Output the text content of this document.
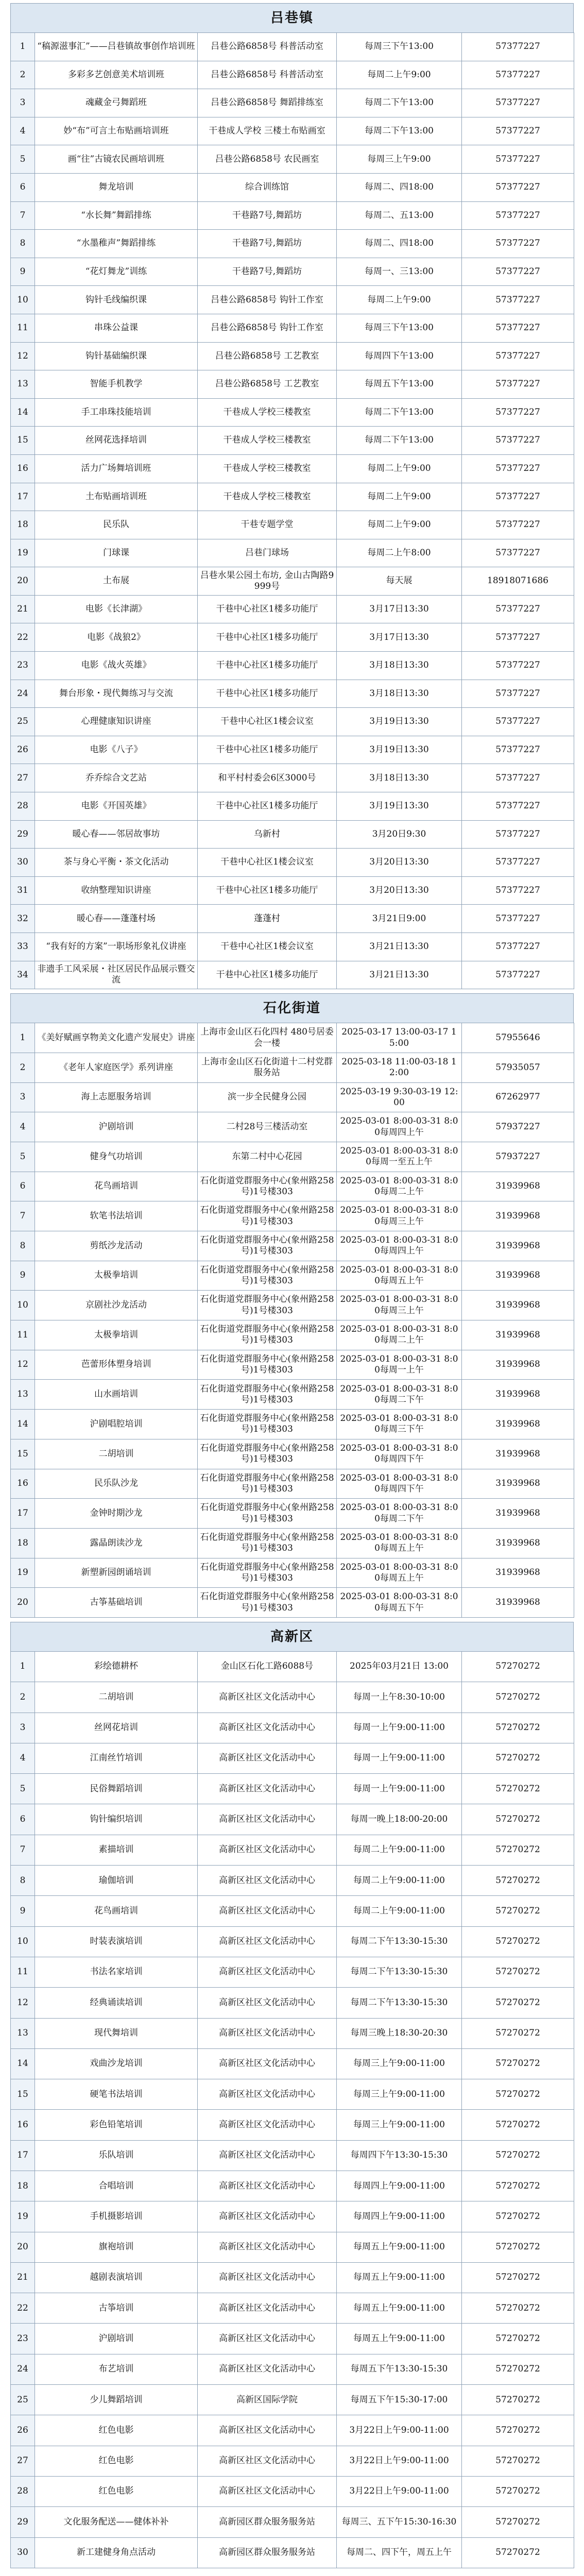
吕巷镇
1	“稿源滋事汇”——吕巷镇故事创作培训班	吕巷公路6858号 科普活动室	每周三下午13:00	57377227
2	多彩多艺创意美术培训班	吕巷公路6858号 科普活动室	每周二上午9:00	57377227
3	魂藏金弓舞蹈班	吕巷公路6858号 舞蹈排练室	每周二下午13:00	57377227
4	妙“布”可言土布贴画培训班	干巷成人学校 三楼土布贴画室	每周二下午13:00	57377227
5	画“往”古镜农民画培训班	吕巷公路6858号 农民画室	每周三上午9:00	57377227
6	舞龙培训	综合训练馆	每周二、四18:00	57377227
7	“水长舞”舞蹈排练	干巷路7号,舞蹈坊	每周二、五13:00	57377227
8	“水墨稚声”舞蹈排练	干巷路7号,舞蹈坊	每周二、四18:00	57377227
9	“花灯舞龙”训练	干巷路7号,舞蹈坊	每周一、三13:00	57377227
10	钩针毛线编织课	吕巷公路6858号 钩针工作室	每周二上午9:00	57377227
11	串珠公益课	吕巷公路6858号 钩针工作室	每周三下午13:00	57377227
12	钩针基础编织课	吕巷公路6858号 工艺教室	每周四下午13:00	57377227
13	智能手机教学	吕巷公路6858号 工艺教室	每周五下午13:00	57377227
14	手工串珠技能培训	干巷成人学校三楼教室	每周二下午13:00	57377227
15	丝网花选择培训	干巷成人学校三楼教室	每周二下午13:00	57377227
16	活力广场舞培训班	干巷成人学校三楼教室	每周二上午9:00	57377227
17	土布贴画培训班	干巷成人学校三楼教室	每周二上午9:00	57377227
18	民乐队	干巷专题学堂	每周二上午9:00	57377227
19	门球课	吕巷门球场	每周二上午8:00	57377227
20	土布展	吕巷水果公园土布坊, 金山古陶路9999号	每天展	18918071686
21	电影《长津湖》	干巷中心社区1楼多功能厅	3月17日13:30	57377227
22	电影《战狼2》	干巷中心社区1楼多功能厅	3月17日13:30	57377227
23	电影《战火英雄》	干巷中心社区1楼多功能厅	3月18日13:30	57377227
24	舞台形象・现代舞练习与交流	干巷中心社区1楼多功能厅	3月18日13:30	57377227
25	心理健康知识讲座	干巷中心社区1楼会议室	3月19日13:30	57377227
26	电影《八子》	干巷中心社区1楼多功能厅	3月19日13:30	57377227
27	乔乔综合文艺站	和平村村委会6区3000号	3月18日13:30	57377227
28	电影《开国英雄》	干巷中心社区1楼多功能厅	3月19日13:30	57377227
29	暖心春——邻居故事坊	乌新村	3月20日9:30	57377227
30	茶与身心平衡・茶文化活动	干巷中心社区1楼会议室	3月20日13:30	57377227
31	收纳整理知识讲座	干巷中心社区1楼多功能厅	3月20日13:30	57377227
32	暖心春——蓬蓬村场	蓬蓬村	3月21日9:00	57377227
33	“我有好的方案”一职场形象礼仪讲座	干巷中心社区1楼会议室	3月21日13:30	57377227
34	非遗手工风采展・社区居民作品展示暨交流	干巷中心社区1楼多功能厅	3月21日13:30	57377227
石化街道
1	《美好赋画享物美文化遗产发展史》讲座	上海市金山区石化四村 480号居委会一楼	2025-03-17 13:00-03-17 15:00	57955646
2	《老年人家庭医学》系列讲座	上海市金山区石化街道十二村党群服务站	2025-03-18 11:00-03-18 12:00	57935057
3	海上志愿服务培训	滨一步全民健身公园	2025-03-19 9:30-03-19 12:00	67262977
4	沪剧培训	二村28号三楼活动室	2025-03-01 8:00-03-31 8:00每周四上午	57937227
5	健身气功培训	东第二村中心花园	2025-03-01 8:00-03-31 8:00每周一至五上午	57937227
6	花鸟画培训	石化街道党群服务中心(象州路258号)1号楼303	2025-03-01 8:00-03-31 8:00每周二上午	31939968
7	软笔书法培训	石化街道党群服务中心(象州路258号)1号楼303	2025-03-01 8:00-03-31 8:00每周三上午	31939968
8	剪纸沙龙活动	石化街道党群服务中心(象州路258号)1号楼303	2025-03-01 8:00-03-31 8:00每周四上午	31939968
9	太极拳培训	石化街道党群服务中心(象州路258号)1号楼303	2025-03-01 8:00-03-31 8:00每周五上午	31939968
10	京剧社沙龙活动	石化街道党群服务中心(象州路258号)1号楼303	2025-03-01 8:00-03-31 8:00每周三上午	31939968
11	太极拳培训	石化街道党群服务中心(象州路258号)1号楼303	2025-03-01 8:00-03-31 8:00每周二上午	31939968
12	芭蕾形体塑身培训	石化街道党群服务中心(象州路258号)1号楼303	2025-03-01 8:00-03-31 8:00每周一上午	31939968
13	山水画培训	石化街道党群服务中心(象州路258号)1号楼303	2025-03-01 8:00-03-31 8:00每周二下午	31939968
14	沪剧唱腔培训	石化街道党群服务中心(象州路258号)1号楼303	2025-03-01 8:00-03-31 8:00每周三下午	31939968
15	二胡培训	石化街道党群服务中心(象州路258号)1号楼303	2025-03-01 8:00-03-31 8:00每周四下午	31939968
16	民乐队沙龙	石化街道党群服务中心(象州路258号)1号楼303	2025-03-01 8:00-03-31 8:00每周四下午	31939968
17	金钟时期沙龙	石化街道党群服务中心(象州路258号)1号楼303	2025-03-01 8:00-03-31 8:00每周二下午	31939968
18	露晶朗读沙龙	石化街道党群服务中心(象州路258号)1号楼303	2025-03-01 8:00-03-31 8:00每周五上午	31939968
19	新塑新园朗诵培训	石化街道党群服务中心(象州路258号)1号楼303	2025-03-01 8:00-03-31 8:00每周五上午	31939968
20	古筝基础培训	石化街道党群服务中心(象州路258号)1号楼303	2025-03-01 8:00-03-31 8:00每周五下午	31939968
高新区
1	彩绘德耕杯	金山区石化工路6088号	2025年03月21日 13:00	57270272
2	二胡培训	高新区社区文化活动中心	每周一上午8:30-10:00	57270272
3	丝网花培训	高新区社区文化活动中心	每周一上午9:00-11:00	57270272
4	江南丝竹培训	高新区社区文化活动中心	每周一上午9:00-11:00	57270272
5	民俗舞蹈培训	高新区社区文化活动中心	每周一上午9:00-11:00	57270272
6	钩针编织培训	高新区社区文化活动中心	每周一晚上18:00-20:00	57270272
7	素描培训	高新区社区文化活动中心	每周二上午9:00-11:00	57270272
8	瑜伽培训	高新区社区文化活动中心	每周二上午9:00-11:00	57270272
9	花鸟画培训	高新区社区文化活动中心	每周二上午9:00-11:00	57270272
10	时装表演培训	高新区社区文化活动中心	每周二下午13:30-15:30	57270272
11	书法名家培训	高新区社区文化活动中心	每周二下午13:30-15:30	57270272
12	经典诵读培训	高新区社区文化活动中心	每周二下午13:30-15:30	57270272
13	现代舞培训	高新区社区文化活动中心	每周三晚上18:30-20:30	57270272
14	戏曲沙龙培训	高新区社区文化活动中心	每周三上午9:00-11:00	57270272
15	硬笔书法培训	高新区社区文化活动中心	每周三上午9:00-11:00	57270272
16	彩色铅笔培训	高新区社区文化活动中心	每周三上午9:00-11:00	57270272
17	乐队培训	高新区社区文化活动中心	每周四下午13:30-15:30	57270272
18	合唱培训	高新区社区文化活动中心	每周四上午9:00-11:00	57270272
19	手机摄影培训	高新区社区文化活动中心	每周四上午9:00-11:00	57270272
20	旗袍培训	高新区社区文化活动中心	每周五上午9:00-11:00	57270272
21	越剧表演培训	高新区社区文化活动中心	每周五上午9:00-11:00	57270272
22	古筝培训	高新区社区文化活动中心	每周五上午9:00-11:00	57270272
23	沪剧培训	高新区社区文化活动中心	每周五上午9:00-11:00	57270272
24	布艺培训	高新区社区文化活动中心	每周五下午13:30-15:30	57270272
25	少儿舞蹈培训	高新区国际学院	每周五下午15:30-17:00	57270272
26	红色电影	高新区社区文化活动中心	3月22日上午9:00-11:00	57270272
27	红色电影	高新区社区文化活动中心	3月22日上午9:00-11:00	57270272
28	红色电影	高新区社区文化活动中心	3月22日上午9:00-11:00	57270272
29	文化服务配送——健体补补	高新园区群众服务服务站	每周三、五下午15:30-16:30	57270272
30	新工建健身角点活动	高新园区群众服务服务站	每周二、四下午，周五上午	57270272
